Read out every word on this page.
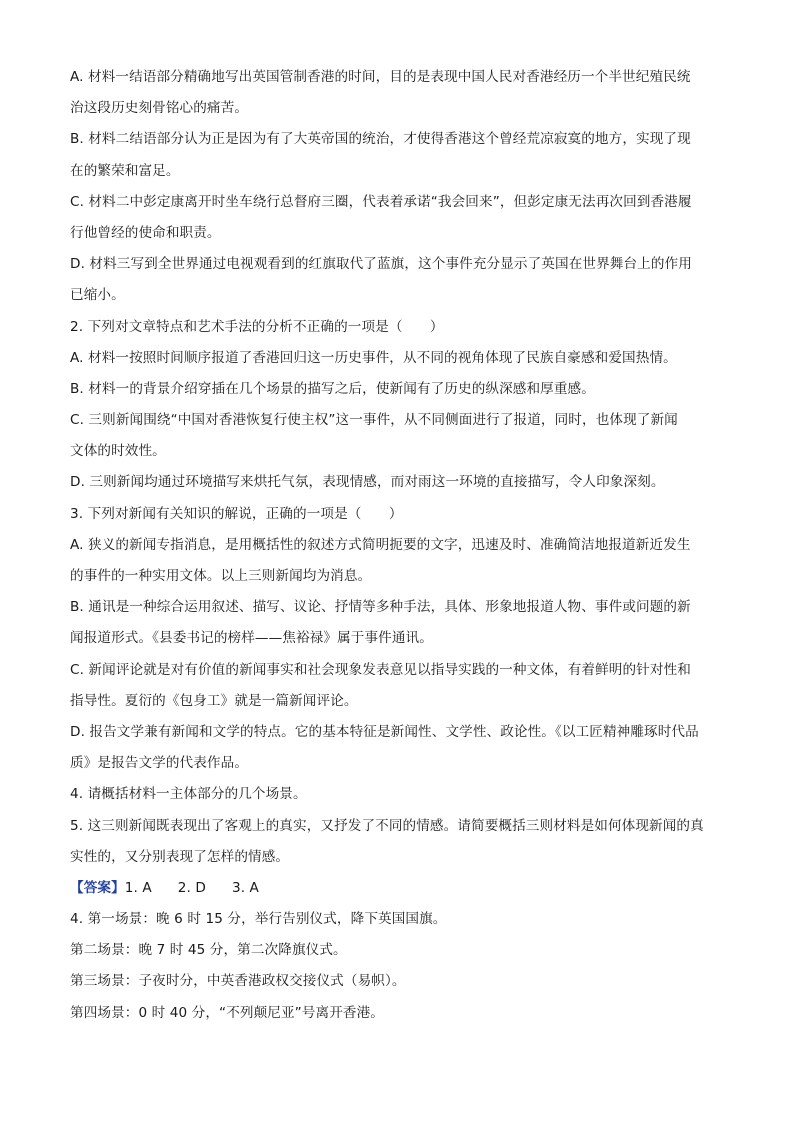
A. 材料一结语部分精确地写出英国管制香港的时间，目的是表现中国人民对香港经历一个半世纪殖民统
治这段历史刻骨铭心的痛苦。
B. 材料二结语部分认为正是因为有了大英帝国的统治，才使得香港这个曾经荒凉寂寞的地方，实现了现
在的繁荣和富足。
C. 材料二中彭定康离开时坐车绕行总督府三圈，代表着承诺“我会回来”，但彭定康无法再次回到香港履
行他曾经的使命和职责。
D. 材料三写到全世界通过电视观看到的红旗取代了蓝旗，这个事件充分显示了英国在世界舞台上的作用
已缩小。
2. 下列对文章特点和艺术手法的分析不正确的一项是（　　）
A. 材料一按照时间顺序报道了香港回归这一历史事件，从不同的视角体现了民族自豪感和爱国热情。
B. 材料一的背景介绍穿插在几个场景的描写之后，使新闻有了历史的纵深感和厚重感。
C. 三则新闻围绕“中国对香港恢复行使主权”这一事件，从不同侧面进行了报道，同时，也体现了新闻
文体的时效性。
D. 三则新闻均通过环境描写来烘托气氛，表现情感，而对雨这一环境的直接描写，令人印象深刻。
3. 下列对新闻有关知识的解说，正确的一项是（　　）
A. 狭义的新闻专指消息，是用概括性的叙述方式简明扼要的文字，迅速及时、准确简洁地报道新近发生
的事件的一种实用文体。以上三则新闻均为消息。
B. 通讯是一种综合运用叙述、描写、议论、抒情等多种手法，具体、形象地报道人物、事件或问题的新
闻报道形式。《县委书记的榜样——焦裕禄》属于事件通讯。
C. 新闻评论就是对有价值的新闻事实和社会现象发表意见以指导实践的一种文体，有着鲜明的针对性和
指导性。夏衍的《包身工》就是一篇新闻评论。
D. 报告文学兼有新闻和文学的特点。它的基本特征是新闻性、文学性、政论性。《以工匠精神雕琢时代品
质》是报告文学的代表作品。
4. 请概括材料一主体部分的几个场景。
5. 这三则新闻既表现出了客观上的真实，又抒发了不同的情感。请简要概括三则材料是如何体现新闻的真
实性的，又分别表现了怎样的情感。
【答案】1. A 2. D 3. A
4. 第一场景：晚 6 时 15 分，举行告别仪式，降下英国国旗。
第二场景：晚 7 时 45 分，第二次降旗仪式。
第三场景：子夜时分，中英香港政权交接仪式（易帜）。
第四场景：0 时 40 分，“不列颠尼亚”号离开香港。
